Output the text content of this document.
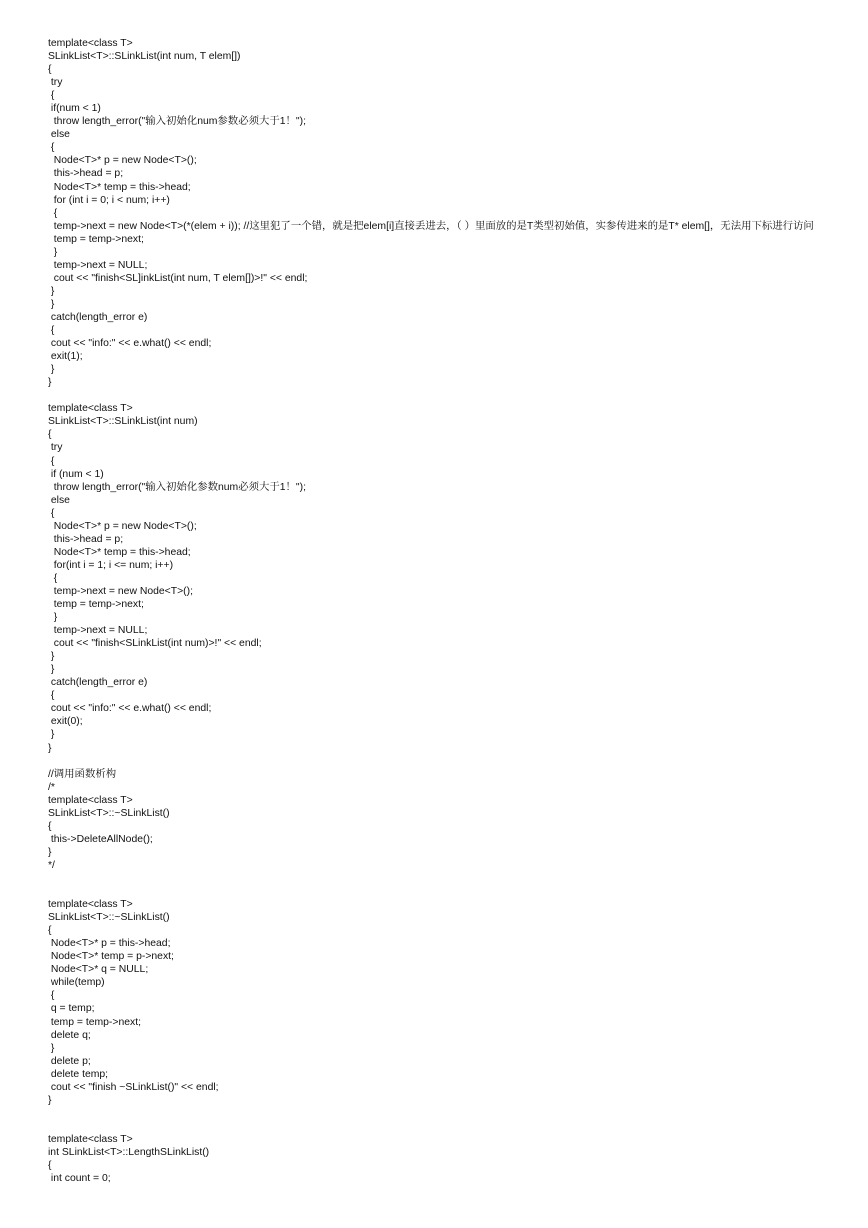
template<class T>
SLinkList<T>::SLinkList(int num, T elem[])
{
try
{
if(num < 1)
throw length_error("输入初始化num参数必须大于1！");
else
{
Node<T>* p = new Node<T>();
this->head = p;
Node<T>* temp = this->head;
for (int i = 0; i < num; i++)
{
temp->next = new Node<T>(*(elem + i)); //这里犯了一个错，就是把elem[i]直接丢进去，（ ）里面放的是T类型初始值，实参传进来的是T* elem[]，无法用下标进行访问
temp = temp->next;
}
temp->next = NULL;
cout << "finish<SL]inkList(int num, T elem[])>!" << endl;
}
}
catch(length_error e)
{
cout << "info:" << e.what() << endl;
exit(1);
}
}
template<class T>
SLinkList<T>::SLinkList(int num)
{
try
{
if (num < 1)
throw length_error("输入初始化参数num必须大于1！");
else
{
Node<T>* p = new Node<T>();
this->head = p;
Node<T>* temp = this->head;
for(int i = 1; i <= num; i++)
{
temp->next = new Node<T>();
temp = temp->next;
}
temp->next = NULL;
cout << "finish<SLinkList(int num)>!" << endl;
}
}
catch(length_error e)
{
cout << "info:" << e.what() << endl;
exit(0);
}
}
//调用函数析构
/*
template<class T>
SLinkList<T>::~SLinkList()
{
this->DeleteAllNode();
}
*/
template<class T>
SLinkList<T>::~SLinkList()
{
Node<T>* p = this->head;
Node<T>* temp = p->next;
Node<T>* q = NULL;
while(temp)
{
q = temp;
temp = temp->next;
delete q;
}
delete p;
delete temp;
cout << "finish ~SLinkList()" << endl;
}
template<class T>
int SLinkList<T>::LengthSLinkList()
{
int count = 0;
